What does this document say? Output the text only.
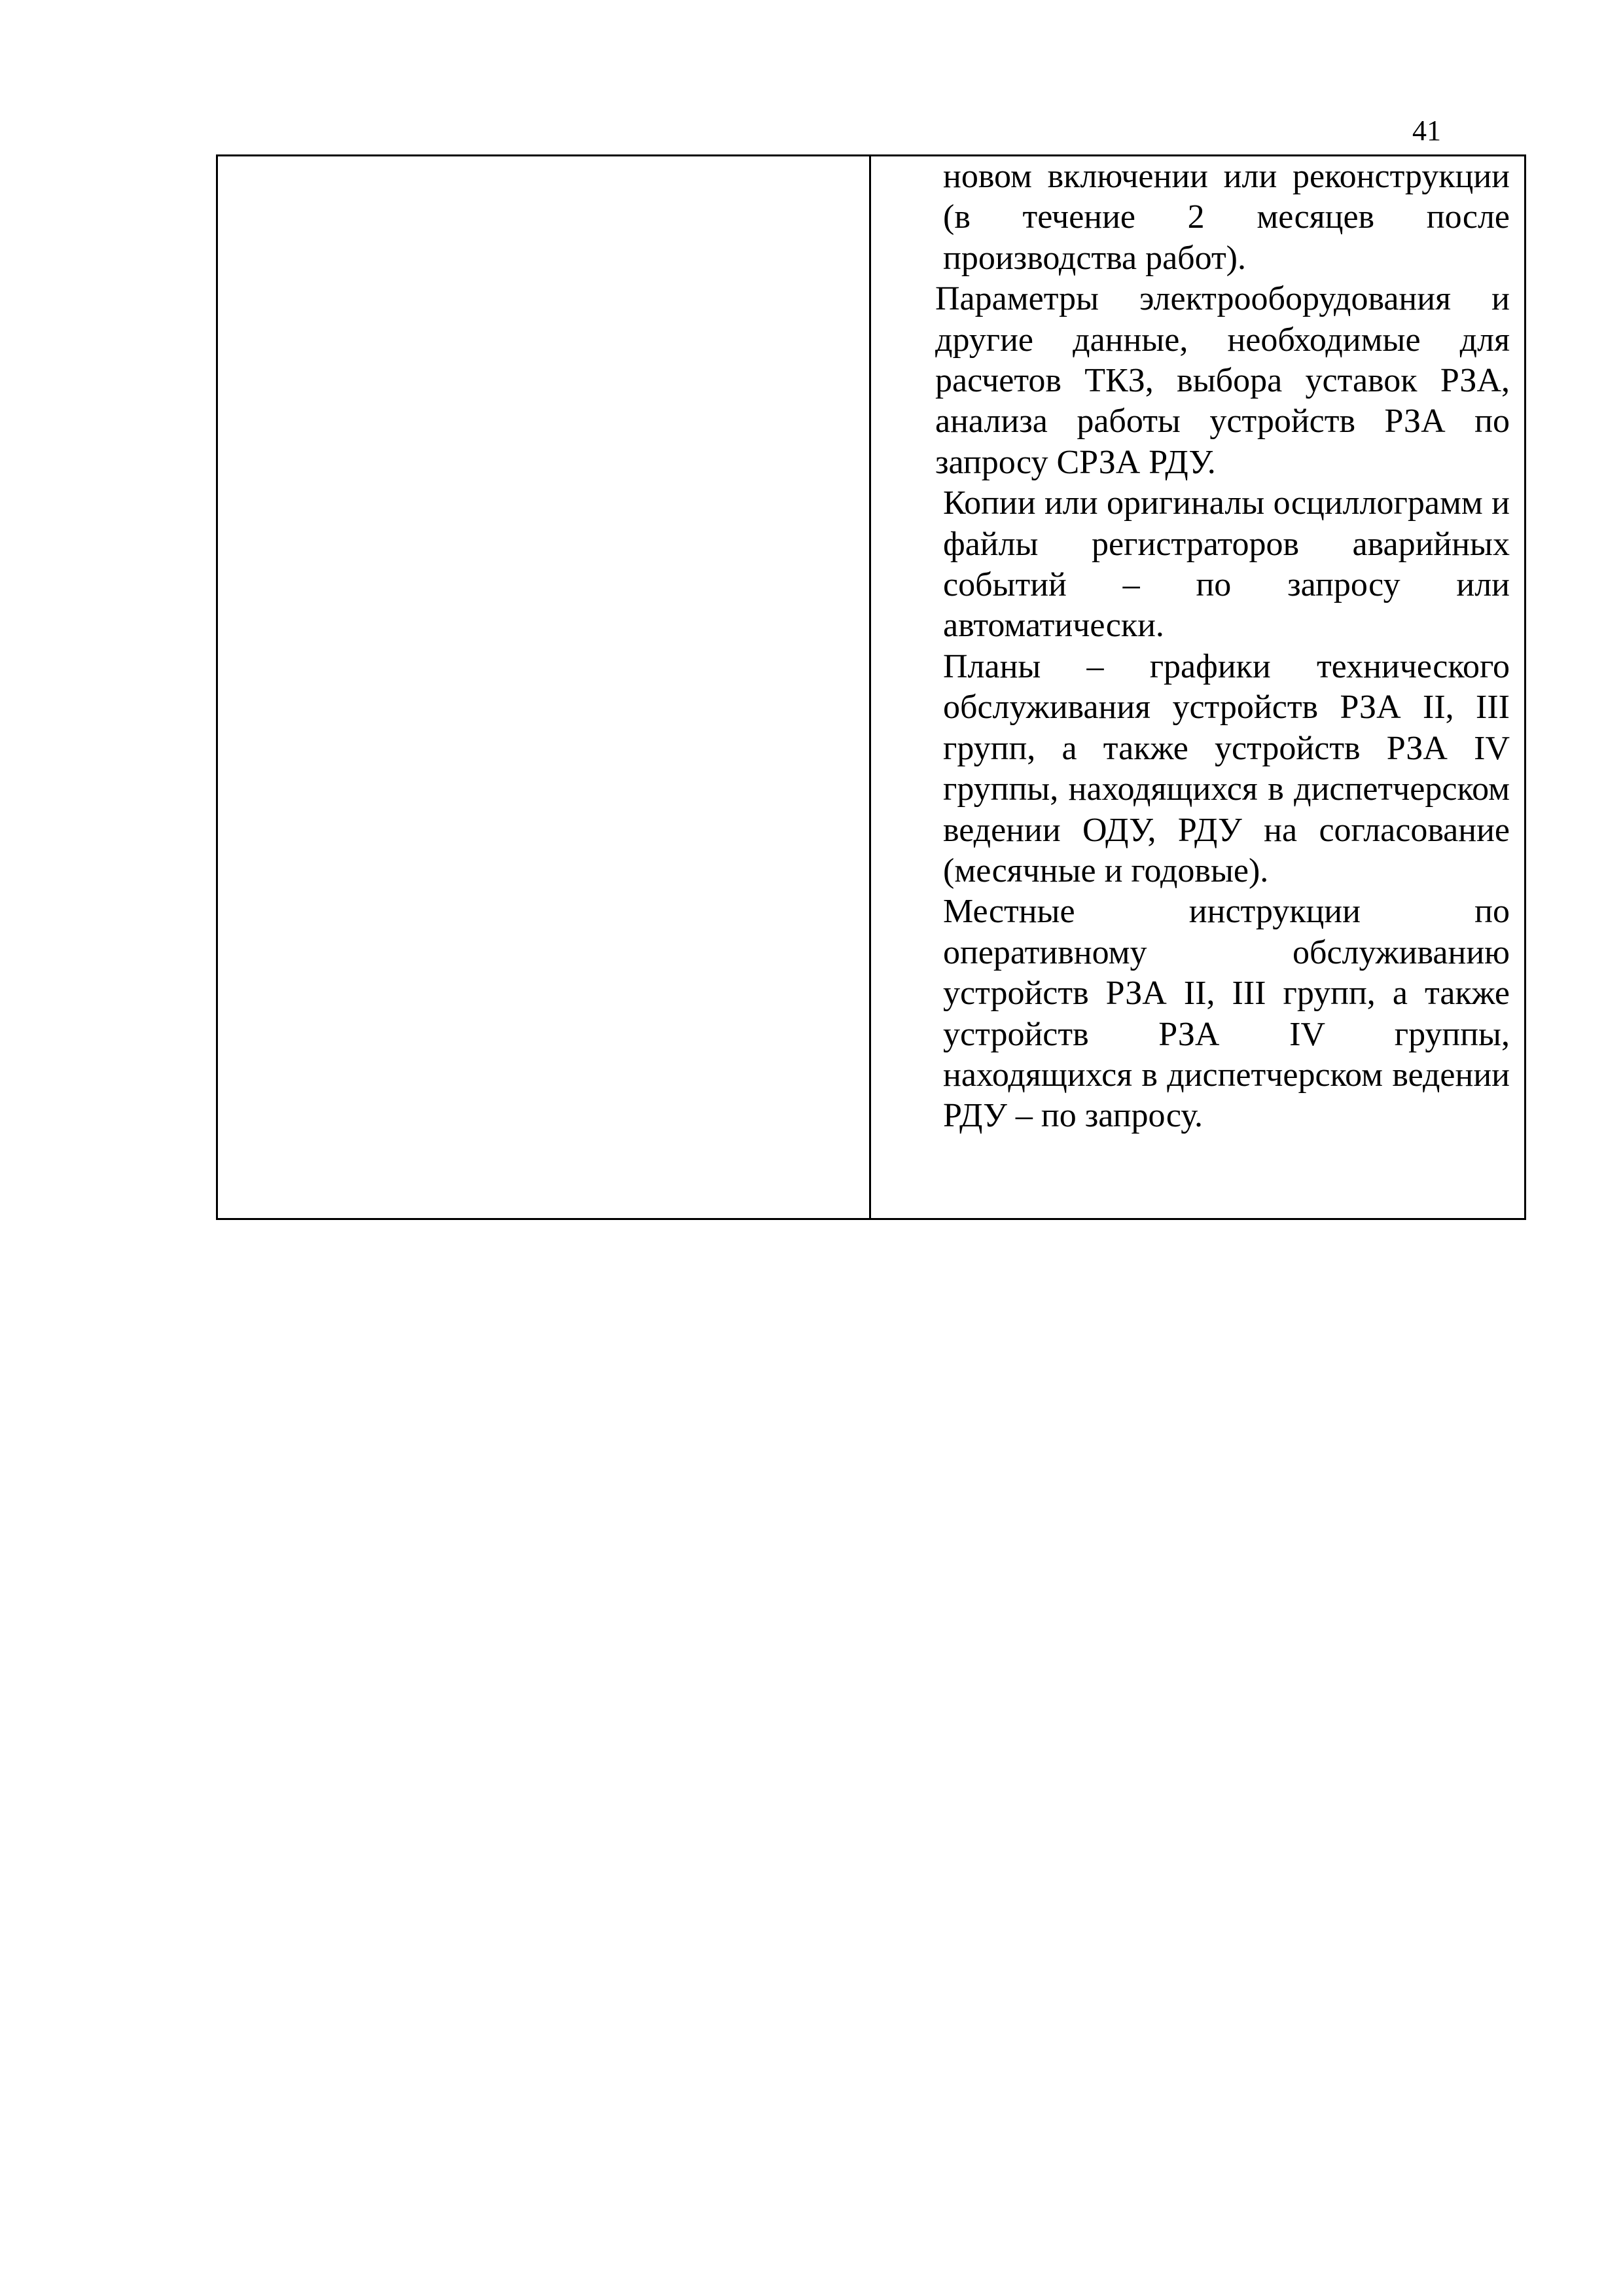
41

новом включении или реконструкции (в течение 2 месяцев после производства работ).

Параметры электрооборудования и другие данные, необходимые для расчетов ТКЗ, выбора уставок РЗА, анализа работы устройств РЗА по запросу СРЗА РДУ.

Копии или оригиналы осциллограмм и файлы регистраторов аварийных событий – по запросу или автоматически.

Планы – графики технического обслуживания устройств РЗА II, III групп, а также устройств РЗА IV группы, находящихся в диспетчерском ведении ОДУ, РДУ на согласование (месячные и годовые).

Местные инструкции по оперативному обслуживанию устройств РЗА II, III групп, а также устройств РЗА IV группы, находящихся в диспетчерском ведении РДУ – по запросу.
